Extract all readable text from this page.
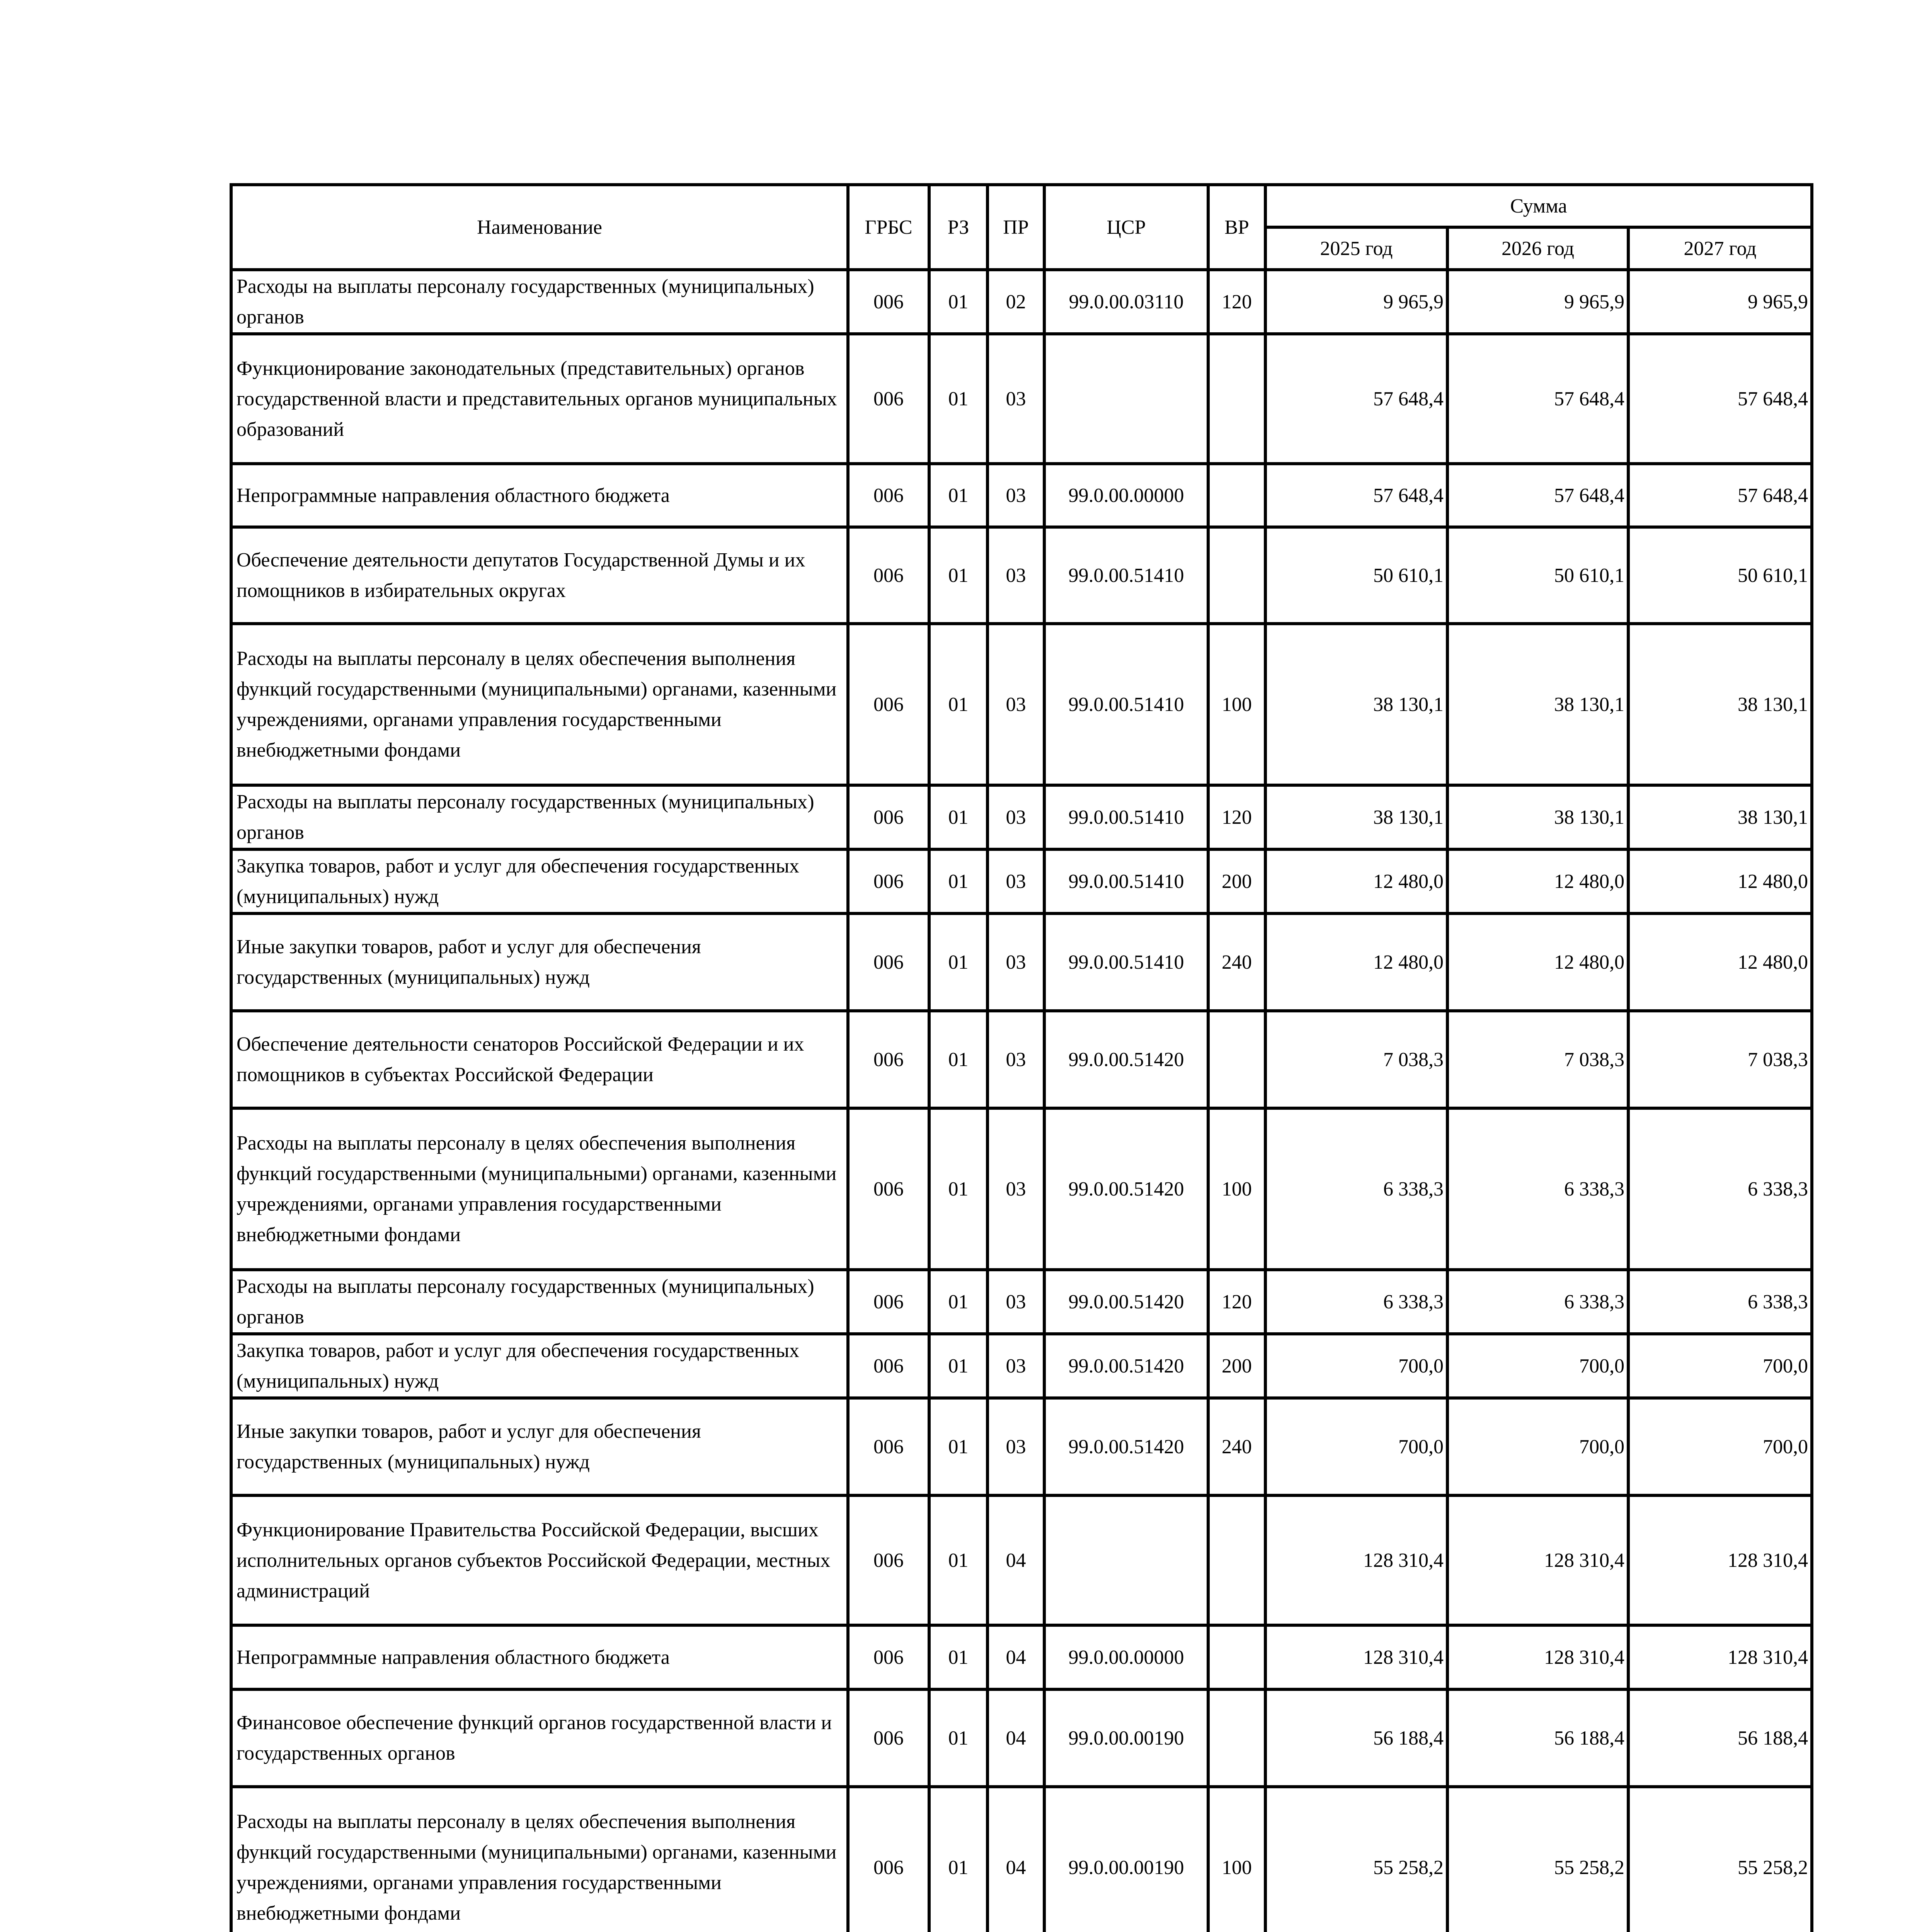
Наименование	ГРБС	РЗ	ПР	ЦСР	ВР	Сумма		
						2025 год	2026 год	2027 год
Расходы на выплаты персоналу государственных (муниципальных) органов	006	01	02	99.0.00.03110	120	9 965,9	9 965,9	9 965,9
Функционирование законодательных (представительных) органов государственной власти и представительных органов муниципальных образований	006	01	03			57 648,4	57 648,4	57 648,4
Непрограммные направления областного бюджета	006	01	03	99.0.00.00000		57 648,4	57 648,4	57 648,4
Обеспечение деятельности депутатов Государственной Думы и их помощников в избирательных округах	006	01	03	99.0.00.51410		50 610,1	50 610,1	50 610,1
Расходы на выплаты персоналу в целях обеспечения выполнения функций государственными (муниципальными) органами, казенными учреждениями, органами управления государственными внебюджетными фондами	006	01	03	99.0.00.51410	100	38 130,1	38 130,1	38 130,1
Расходы на выплаты персоналу государственных (муниципальных) органов	006	01	03	99.0.00.51410	120	38 130,1	38 130,1	38 130,1
Закупка товаров, работ и услуг для обеспечения государственных (муниципальных) нужд	006	01	03	99.0.00.51410	200	12 480,0	12 480,0	12 480,0
Иные закупки товаров, работ и услуг для обеспечения государственных (муниципальных) нужд	006	01	03	99.0.00.51410	240	12 480,0	12 480,0	12 480,0
Обеспечение деятельности сенаторов Российской Федерации и их помощников в субъектах Российской Федерации	006	01	03	99.0.00.51420		7 038,3	7 038,3	7 038,3
Расходы на выплаты персоналу в целях обеспечения выполнения функций государственными (муниципальными) органами, казенными учреждениями, органами управления государственными внебюджетными фондами	006	01	03	99.0.00.51420	100	6 338,3	6 338,3	6 338,3
Расходы на выплаты персоналу государственных (муниципальных) органов	006	01	03	99.0.00.51420	120	6 338,3	6 338,3	6 338,3
Закупка товаров, работ и услуг для обеспечения государственных (муниципальных) нужд	006	01	03	99.0.00.51420	200	700,0	700,0	700,0
Иные закупки товаров, работ и услуг для обеспечения государственных (муниципальных) нужд	006	01	03	99.0.00.51420	240	700,0	700,0	700,0
Функционирование Правительства Российской Федерации, высших исполнительных органов субъектов Российской Федерации, местных администраций	006	01	04			128 310,4	128 310,4	128 310,4
Непрограммные направления областного бюджета	006	01	04	99.0.00.00000		128 310,4	128 310,4	128 310,4
Финансовое обеспечение функций органов государственной власти и государственных органов	006	01	04	99.0.00.00190		56 188,4	56 188,4	56 188,4
Расходы на выплаты персоналу в целях обеспечения выполнения функций государственными (муниципальными) органами, казенными учреждениями, органами управления государственными внебюджетными фондами	006	01	04	99.0.00.00190	100	55 258,2	55 258,2	55 258,2
